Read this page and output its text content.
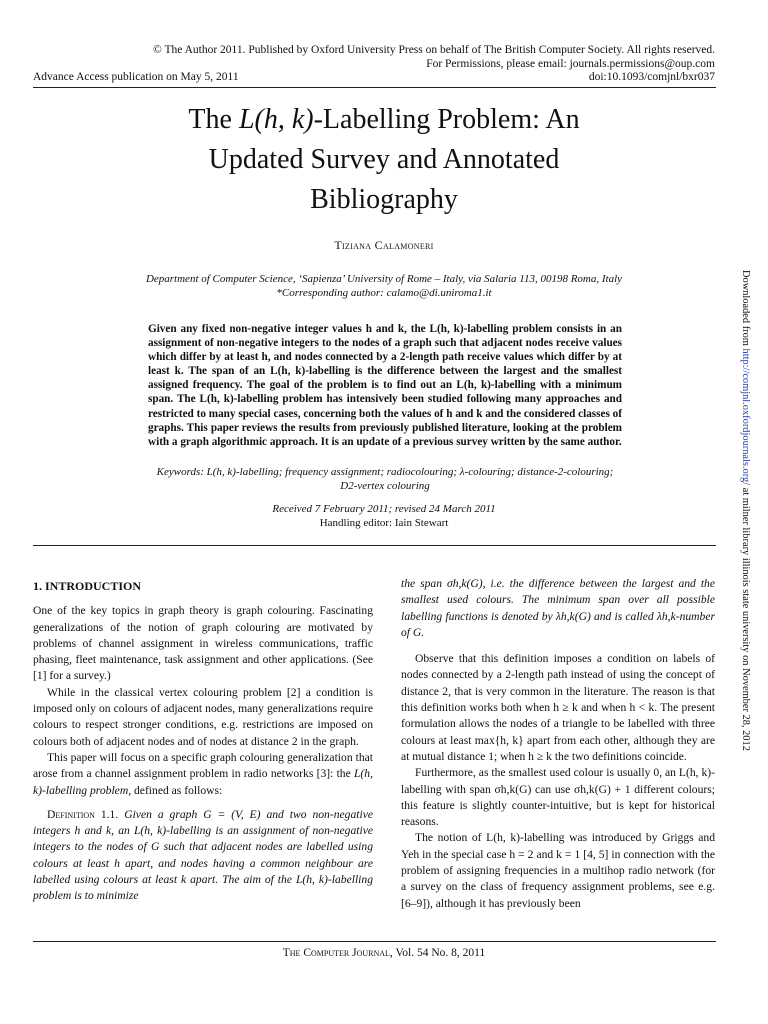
© The Author 2011. Published by Oxford University Press on behalf of The British Computer Society. All rights reserved.
For Permissions, please email: journals.permissions@oup.com
Advance Access publication on May 5, 2011	doi:10.1093/comjnl/bxr037
The L(h, k)-Labelling Problem: An
Updated Survey and Annotated
Bibliography
Tiziana Calamoneri
Department of Computer Science, ‘Sapienza’ University of Rome – Italy, via Salaria 113, 00198 Roma, Italy
*Corresponding author: calamo@di.uniroma1.it
Given any fixed non-negative integer values h and k, the L(h, k)-labelling problem consists in an assignment of non-negative integers to the nodes of a graph such that adjacent nodes receive values which differ by at least h, and nodes connected by a 2-length path receive values which differ by at least k. The span of an L(h, k)-labelling is the difference between the largest and the smallest assigned frequency. The goal of the problem is to find out an L(h, k)-labelling with a minimum span. The L(h, k)-labelling problem has intensively been studied following many approaches and restricted to many special cases, concerning both the values of h and k and the considered classes of graphs. This paper reviews the results from previously published literature, looking at the problem with a graph algorithmic approach. It is an update of a previous survey written by the same author.
Keywords: L(h, k)-labelling; frequency assignment; radiocolouring; λ-colouring; distance-2-colouring;
D2-vertex colouring
Received 7 February 2011; revised 24 March 2011
Handling editor: Iain Stewart
1. INTRODUCTION

One of the key topics in graph theory is graph colouring. Fascinating generalizations of the notion of graph colouring are motivated by problems of channel assignment in wireless communications, traffic phasing, fleet maintenance, task assignment and other applications. (See [1] for a survey.)

While in the classical vertex colouring problem [2] a condition is imposed only on colours of adjacent nodes, many generalizations require colours to respect stronger conditions, e.g. restrictions are imposed on colours both of adjacent nodes and of nodes at distance 2 in the graph.

This paper will focus on a specific graph colouring generalization that arose from a channel assignment problem in radio networks [3]: the L(h, k)-labelling problem, defined as follows:

Definition 1.1. Given a graph G = (V, E) and two non-negative integers h and k, an L(h, k)-labelling is an assignment of non-negative integers to the nodes of G such that adjacent nodes are labelled using colours at least h apart, and nodes having a common neighbour are labelled using colours at least k apart. The aim of the L(h, k)-labelling problem is to minimize

the span σh,k(G), i.e. the difference between the largest and the smallest used colours. The minimum span over all possible labelling functions is denoted by λh,k(G) and is called λh,k-number of G.

Observe that this definition imposes a condition on labels of nodes connected by a 2-length path instead of using the concept of distance 2, that is very common in the literature. The reason is that this definition works both when h ≥ k and when h < k. The present formulation allows the nodes of a triangle to be labelled with three colours at least max{h, k} apart from each other, although they are at mutual distance 1; when h ≥ k the two definitions coincide.

Furthermore, as the smallest used colour is usually 0, an L(h, k)-labelling with span σh,k(G) can use σh,k(G) + 1 different colours; this feature is slightly counter-intuitive, but is kept for historical reasons.

The notion of L(h, k)-labelling was introduced by Griggs and Yeh in the special case h = 2 and k = 1 [4, 5] in connection with the problem of assigning frequencies in a multihop radio network (for a survey on the class of frequency assignment problems, see e.g. [6–9]), although it has previously been

Downloaded from http://comjnl.oxfordjournals.org/ at milner library illinois state university on November 28, 2012
The Computer Journal, Vol. 54 No. 8, 2011
